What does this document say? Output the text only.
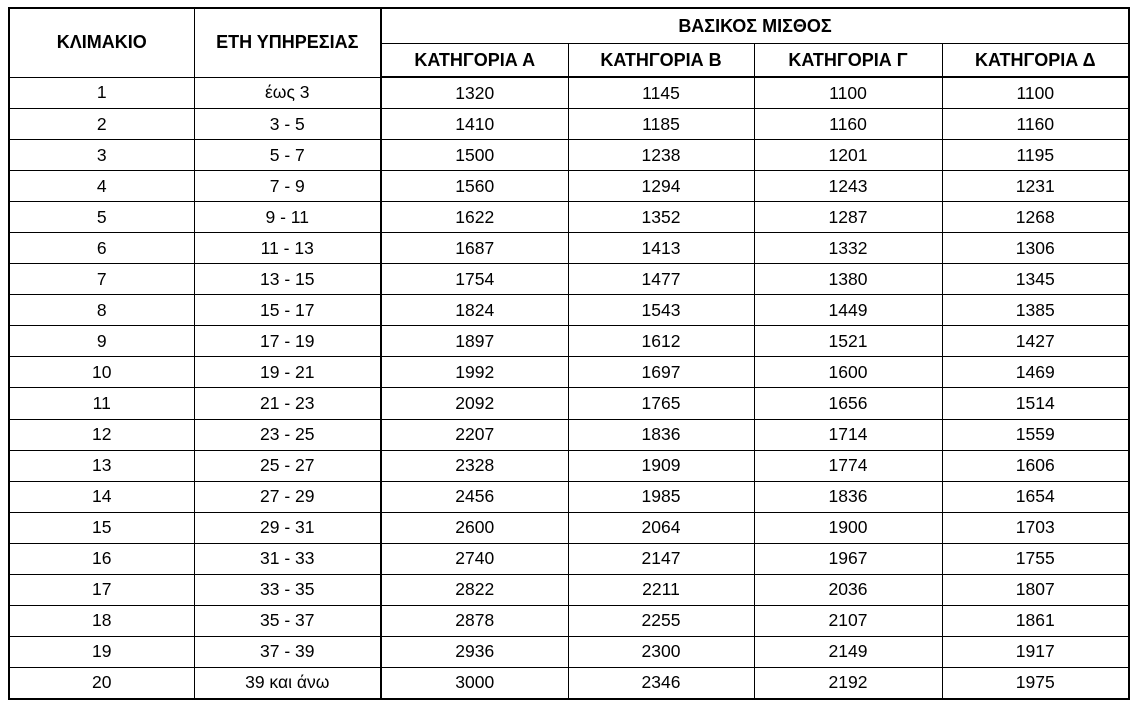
ΚΛΙΜΑΚΙΟ	ΕΤΗ ΥΠΗΡΕΣΙΑΣ	ΒΑΣΙΚΟΣ ΜΙΣΘΟΣ			
		ΚΑΤΗΓΟΡΙΑ Α	ΚΑΤΗΓΟΡΙΑ Β	ΚΑΤΗΓΟΡΙΑ Γ	ΚΑΤΗΓΟΡΙΑ Δ
1	έως 3	1320	1145	1100	1100
2	3 - 5	1410	1185	1160	1160
3	5 - 7	1500	1238	1201	1195
4	7 - 9	1560	1294	1243	1231
5	9 - 11	1622	1352	1287	1268
6	11 - 13	1687	1413	1332	1306
7	13 - 15	1754	1477	1380	1345
8	15 - 17	1824	1543	1449	1385
9	17 - 19	1897	1612	1521	1427
10	19 - 21	1992	1697	1600	1469
11	21 - 23	2092	1765	1656	1514
12	23 - 25	2207	1836	1714	1559
13	25 - 27	2328	1909	1774	1606
14	27 - 29	2456	1985	1836	1654
15	29 - 31	2600	2064	1900	1703
16	31 - 33	2740	2147	1967	1755
17	33 - 35	2822	2211	2036	1807
18	35 - 37	2878	2255	2107	1861
19	37 - 39	2936	2300	2149	1917
20	39 και άνω	3000	2346	2192	1975
